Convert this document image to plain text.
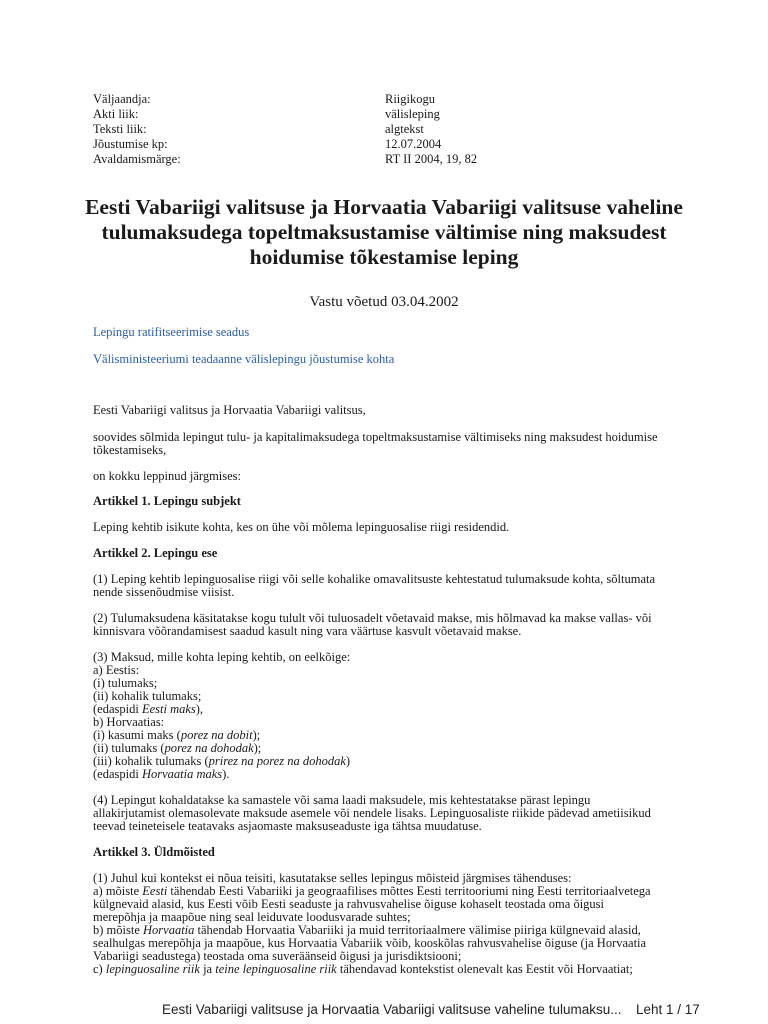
Väljaandja:	Riigikogu
Akti liik:	välisleping
Teksti liik:	algtekst
Jõustumise kp:	12.07.2004
Avaldamismärge:	RT II 2004, 19, 82
Eesti Vabariigi valitsuse ja Horvaatia Vabariigi valitsuse vaheline tulumaksudega topeltmaksustamise vältimise ning maksudest hoidumise tõkestamise leping
Vastu võetud 03.04.2002
Lepingu ratifitseerimise seadus
Välisministeeriumi teadaanne välislepingu jõustumise kohta

Eesti Vabariigi valitsus ja Horvaatia Vabariigi valitsus,

soovides sõlmida lepingut tulu- ja kapitalimaksudega topeltmaksustamise vältimiseks ning maksudest hoidumise
tõkestamiseks,

on kokku leppinud järgmises:

Artikkel 1. Lepingu subjekt

Leping kehtib isikute kohta, kes on ühe või mõlema lepinguosalise riigi residendid.

Artikkel 2. Lepingu ese

(1) Leping kehtib lepinguosalise riigi või selle kohalike omavalitsuste kehtestatud tulumaksude kohta, sõltumata
nende sissenõudmise viisist.

(2) Tulumaksudena käsitatakse kogu tulult või tuluosadelt võetavaid makse, mis hõlmavad ka makse vallas- või
kinnisvara võõrandamisest saadud kasult ning vara väärtuse kasvult võetavaid makse.

(3) Maksud, mille kohta leping kehtib, on eelkõige:
a) Eestis:
(i) tulumaks;
(ii) kohalik tulumaks;
(edaspidi Eesti maks),
b) Horvaatias:
(i) kasumi maks (porez na dobit);
(ii) tulumaks (porez na dohodak);
(iii) kohalik tulumaks (prirez na porez na dohodak)
(edaspidi Horvaatia maks).

(4) Lepingut kohaldatakse ka samastele või sama laadi maksudele, mis kehtestatakse pärast lepingu
allakirjutamist olemasolevate maksude asemele või nendele lisaks. Lepinguosaliste riikide pädevad ametiisikud
teevad teineteisele teatavaks asjaomaste maksuseaduste iga tähtsa muudatuse.

Artikkel 3. Üldmõisted

(1) Juhul kui kontekst ei nõua teisiti, kasutatakse selles lepingus mõisteid järgmises tähenduses:
a) mõiste Eesti tähendab Eesti Vabariiki ja geograafilises mõttes Eesti territooriumi ning Eesti territoriaalvetega
külgnevaid alasid, kus Eesti võib Eesti seaduste ja rahvusvahelise õiguse kohaselt teostada oma õigusi
merepõhja ja maapõue ning seal leiduvate loodusvarade suhtes;
b) mõiste Horvaatia tähendab Horvaatia Vabariiki ja muid territoriaalmere välimise piiriga külgnevaid alasid,
sealhulgas merepõhja ja maapõue, kus Horvaatia Vabariik võib, kooskõlas rahvusvahelise õiguse (ja Horvaatia
Vabariigi seadustega) teostada oma suveräänseid õigusi ja jurisdiktsiooni;
c) lepinguosaline riik ja teine lepinguosaline riik tähendavad kontekstist olenevalt kas Eestit või Horvaatiat;

Eesti Vabariigi valitsuse ja Horvaatia Vabariigi valitsuse vaheline tulumaksu... Leht 1 / 17
